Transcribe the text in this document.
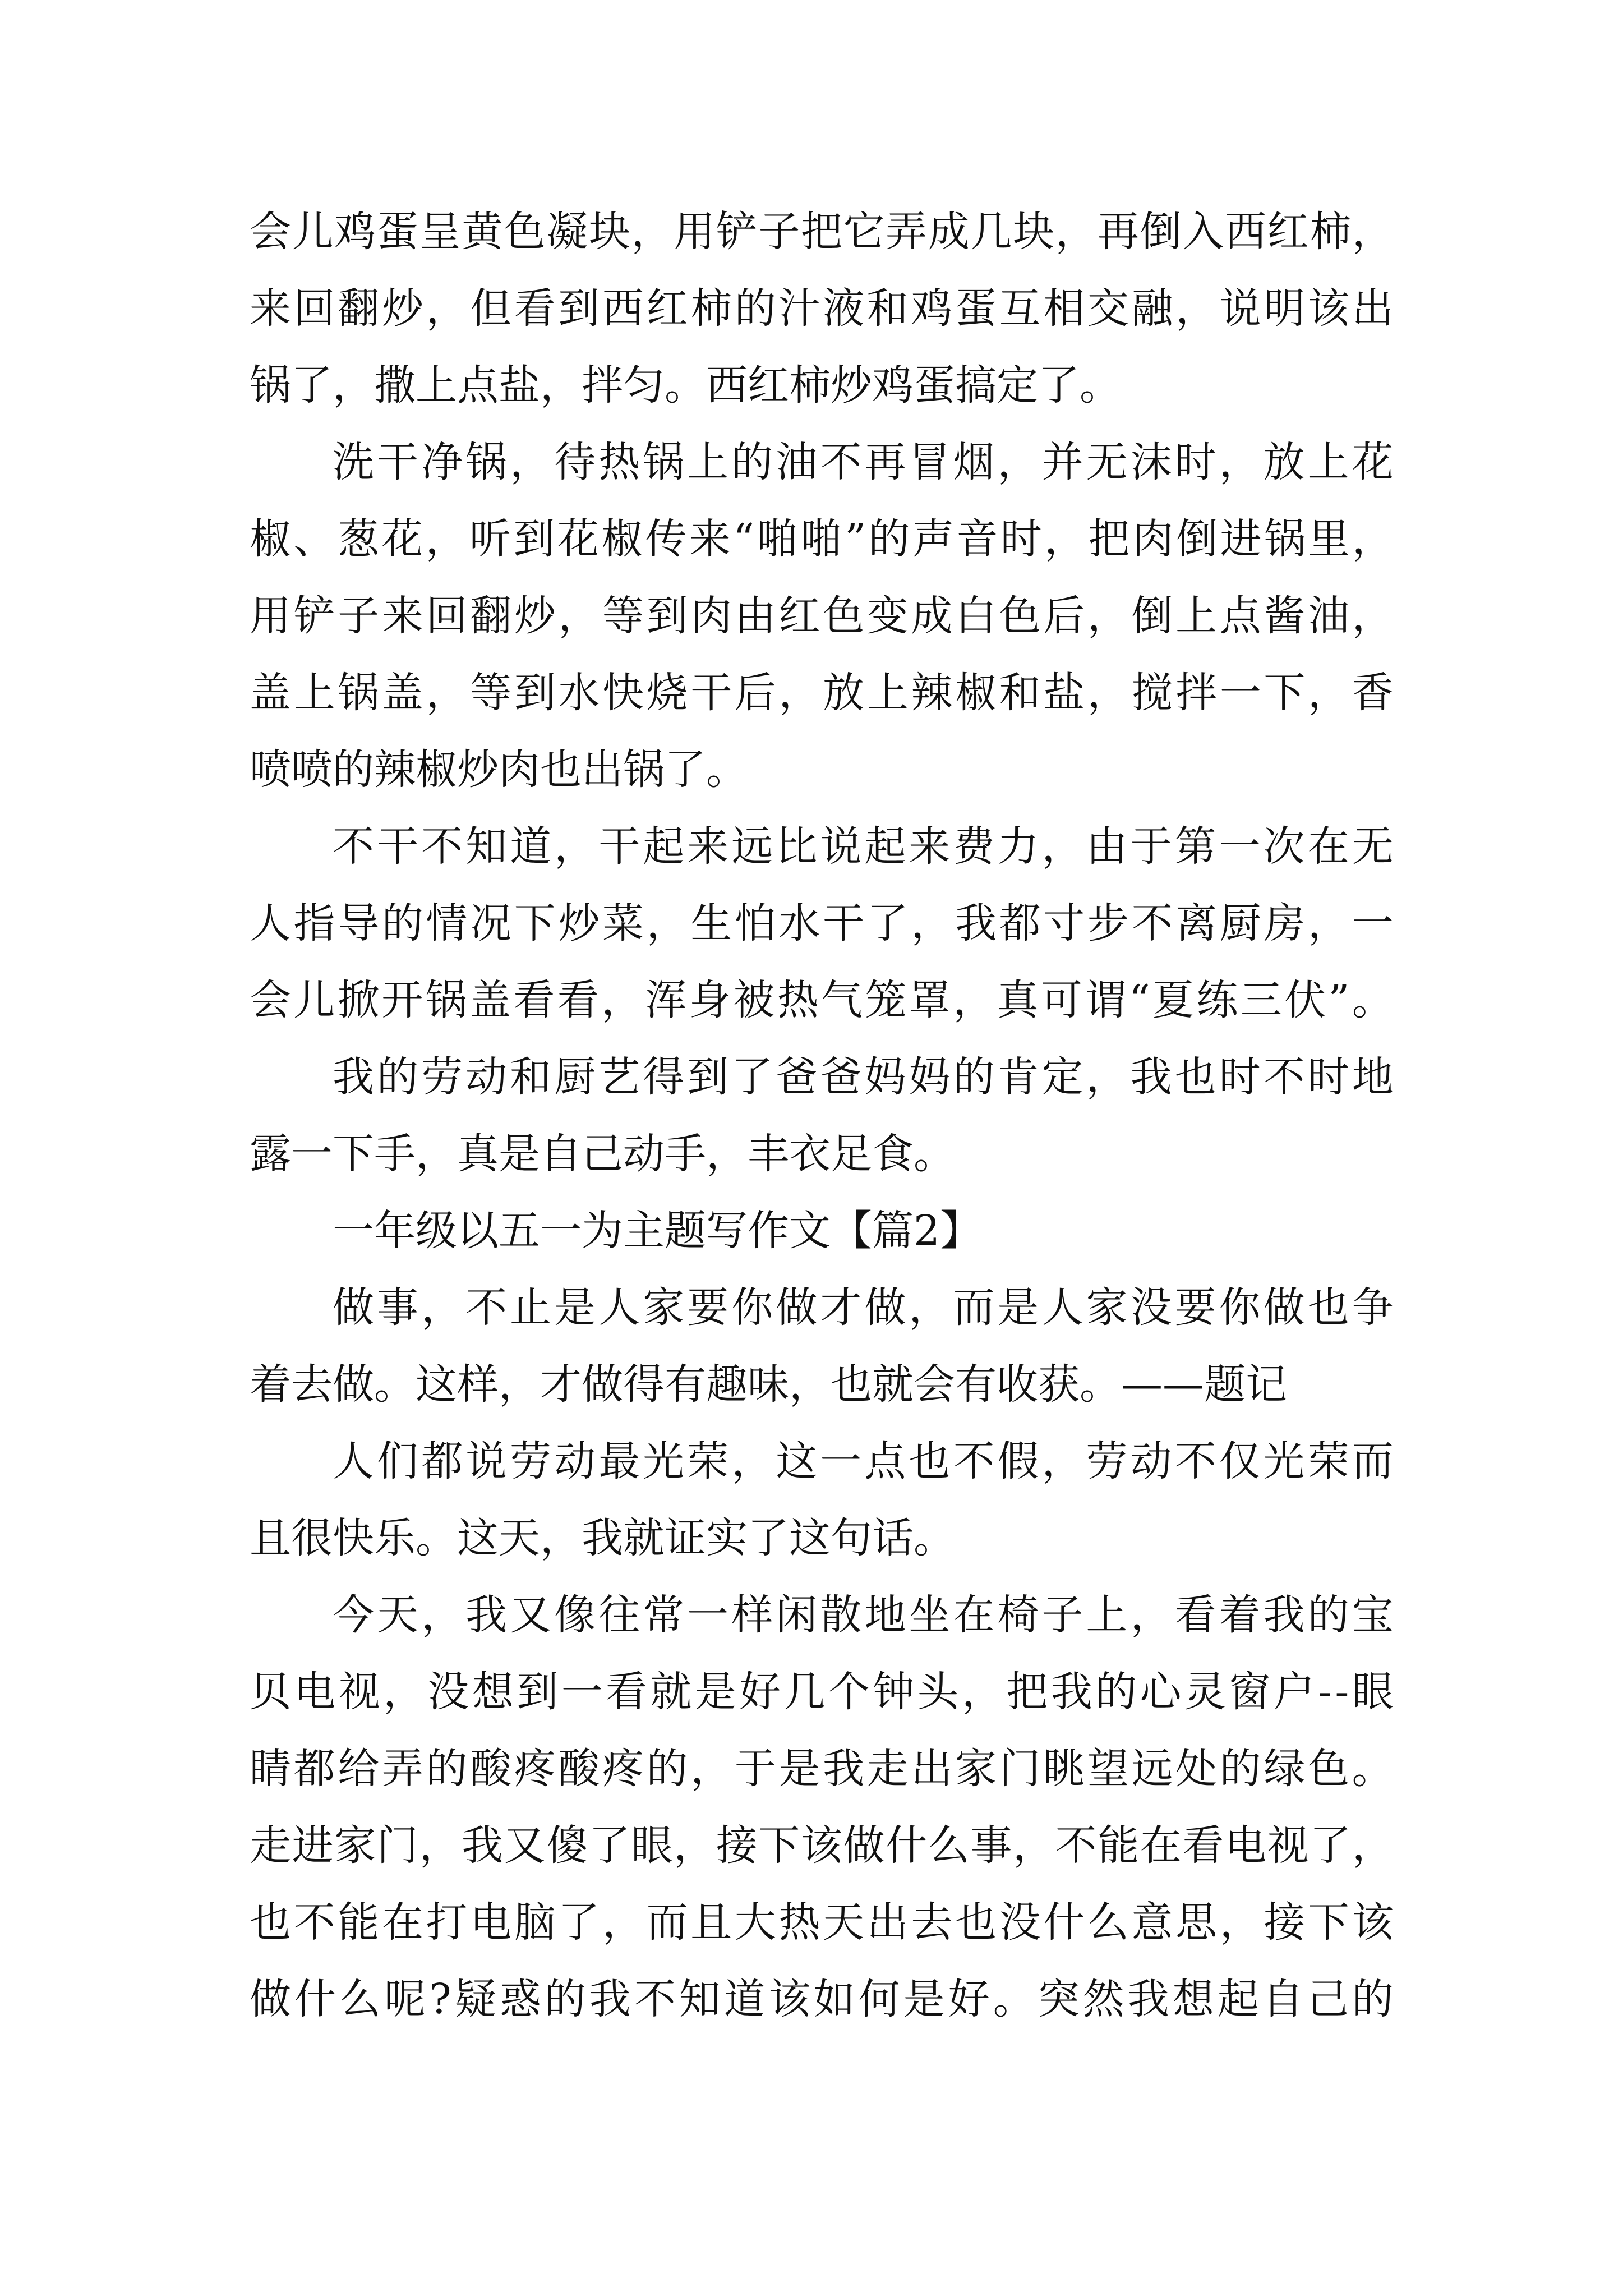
会 儿 鸡 蛋 呈 黄 色 凝 块 ， 用 铲 子 把 它 弄 成 几 块 ， 再 倒 入 西 红 柿 ，
来 回 翻 炒 ， 但 看 到 西 红 柿 的 汁 液 和 鸡 蛋 互 相 交 融 ， 说 明 该 出
锅了，撒上点盐，拌匀。西红柿炒鸡蛋搞定了。
洗 干 净 锅 ， 待 热 锅 上 的 油 不 再 冒 烟 ， 并 无 沫 时 ， 放 上 花
椒 、 葱 花 ， 听 到 花 椒 传 来 “ 啪 啪 ” 的 声 音 时 ， 把 肉 倒 进 锅 里 ，
用 铲 子 来 回 翻 炒 ， 等 到 肉 由 红 色 变 成 白 色 后 ， 倒 上 点 酱 油 ，
盖 上 锅 盖 ， 等 到 水 快 烧 干 后 ， 放 上 辣 椒 和 盐 ， 搅 拌 一 下 ， 香
喷喷的辣椒炒肉也出锅了。
不 干 不 知 道 ， 干 起 来 远 比 说 起 来 费 力 ， 由 于 第 一 次 在 无
人 指 导 的 情 况 下 炒 菜 ， 生 怕 水 干 了 ， 我 都 寸 步 不 离 厨 房 ， 一
会 儿 掀 开 锅 盖 看 看 ， 浑 身 被 热 气 笼 罩 ， 真 可 谓 “ 夏 练 三 伏 ” 。
我 的 劳 动 和 厨 艺 得 到 了 爸 爸 妈 妈 的 肯 定 ， 我 也 时 不 时 地
露一下手，真是自己动手，丰衣足食。
一年级以五一为主题写作文【篇2】
做 事 ， 不 止 是 人 家 要 你 做 才 做 ， 而 是 人 家 没 要 你 做 也 争
着去做。这样，才做得有趣味，也就会有收获。——题记
人 们 都 说 劳 动 最 光 荣 ， 这 一 点 也 不 假 ， 劳 动 不 仅 光 荣 而
且很快乐。这天，我就证实了这句话。
今 天 ， 我 又 像 往 常 一 样 闲 散 地 坐 在 椅 子 上 ， 看 着 我 的 宝
贝 电 视 ， 没 想 到 一 看 就 是 好 几 个 钟 头 ， 把 我 的 心 灵 窗 户 - - 眼
睛 都 给 弄 的 酸 疼 酸 疼 的 ， 于 是 我 走 出 家 门 眺 望 远 处 的 绿 色 。
走 进 家 门 ， 我 又 傻 了 眼 ， 接 下 该 做 什 么 事 ， 不 能 在 看 电 视 了 ，
也 不 能 在 打 电 脑 了 ， 而 且 大 热 天 出 去 也 没 什 么 意 思 ， 接 下 该
做 什 么 呢 ? 疑 惑 的 我 不 知 道 该 如 何 是 好 。 突 然 我 想 起 自 己 的
